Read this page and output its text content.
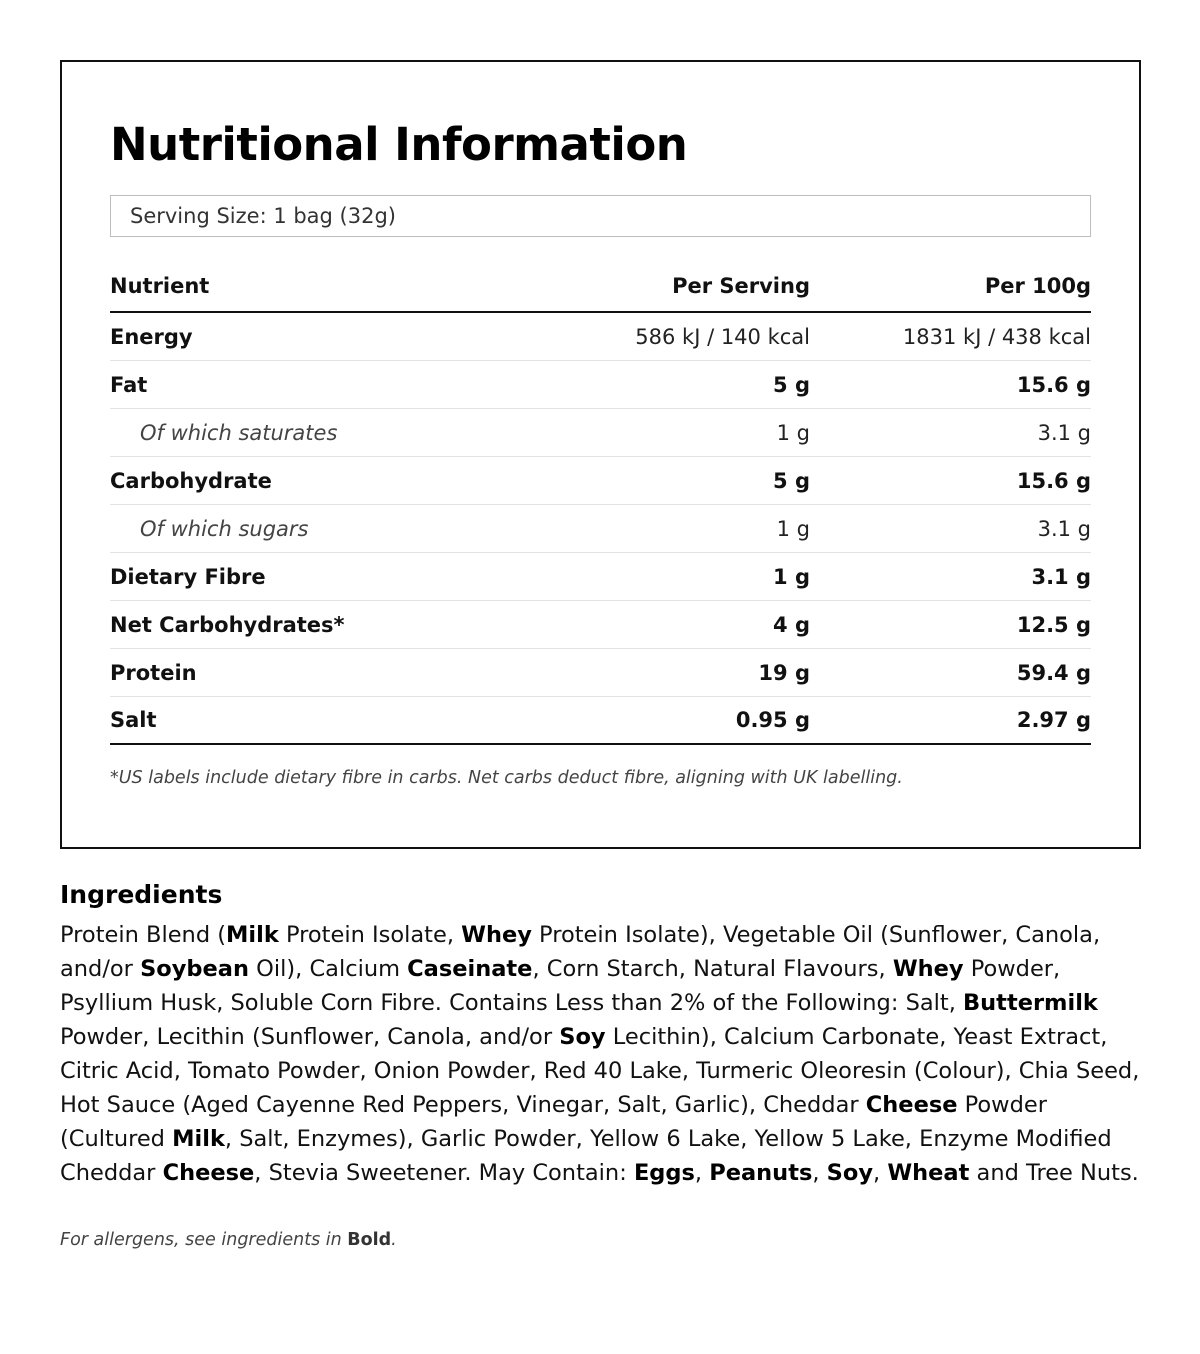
Nutritional Information
Serving Size: 1 bag (32g)
Nutrient	Per Serving	Per 100g
Energy	586 kJ / 140 kcal	1831 kJ / 438 kcal
Fat	5 g	15.6 g
Of which saturates	1 g	3.1 g
Carbohydrate	5 g	15.6 g
Of which sugars	1 g	3.1 g
Dietary Fibre	1 g	3.1 g
Net Carbohydrates*	4 g	12.5 g
Protein	19 g	59.4 g
Salt	0.95 g	2.97 g

*US labels include dietary fibre in carbs. Net carbs deduct fibre, aligning with UK labelling.

Ingredients

Protein Blend (Milk Protein Isolate, Whey Protein Isolate), Vegetable Oil (Sunflower, Canola, and/or Soybean Oil), Calcium Caseinate, Corn Starch, Natural Flavours, Whey Powder, Psyllium Husk, Soluble Corn Fibre. Contains Less than 2% of the Following: Salt, Buttermilk Powder, Lecithin (Sunflower, Canola, and/or Soy Lecithin), Calcium Carbonate, Yeast Extract, Citric Acid, Tomato Powder, Onion Powder, Red 40 Lake, Turmeric Oleoresin (Colour), Chia Seed, Hot Sauce (Aged Cayenne Red Peppers, Vinegar, Salt, Garlic), Cheddar Cheese Powder (Cultured Milk, Salt, Enzymes), Garlic Powder, Yellow 6 Lake, Yellow 5 Lake, Enzyme Modified Cheddar Cheese, Stevia Sweetener. May Contain: Eggs, Peanuts, Soy, Wheat and Tree Nuts.

For allergens, see ingredients in Bold.
